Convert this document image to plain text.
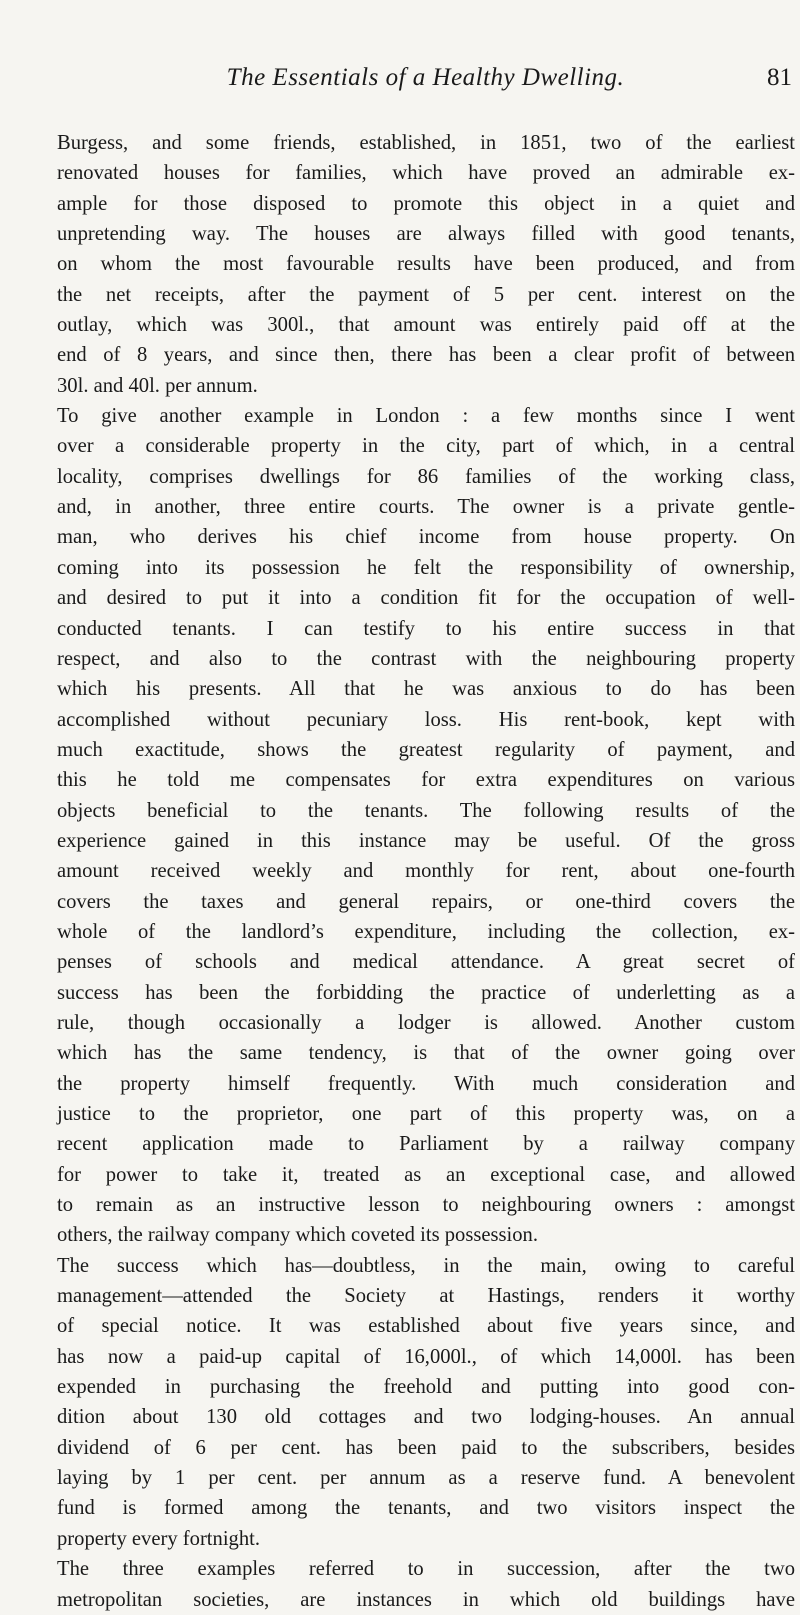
The Essentials of a Healthy Dwelling.	81
Burgess, and some friends, established, in 1851, two of the earliest
renovated houses for families, which have proved an admirable ex-
ample for those disposed to promote this object in a quiet and
unpretending way. The houses are always filled with good tenants,
on whom the most favourable results have been produced, and from
the net receipts, after the payment of 5 per cent. interest on the
outlay, which was 300l., that amount was entirely paid off at the
end of 8 years, and since then, there has been a clear profit of between
30l. and 40l. per annum.
To give another example in London : a few months since I went
over a considerable property in the city, part of which, in a central
locality, comprises dwellings for 86 families of the working class,
and, in another, three entire courts. The owner is a private gentle-
man, who derives his chief income from house property. On
coming into its possession he felt the responsibility of ownership,
and desired to put it into a condition fit for the occupation of well-
conducted tenants. I can testify to his entire success in that
respect, and also to the contrast with the neighbouring property
which his presents. All that he was anxious to do has been
accomplished without pecuniary loss. His rent-book, kept with
much exactitude, shows the greatest regularity of payment, and
this he told me compensates for extra expenditures on various
objects beneficial to the tenants. The following results of the
experience gained in this instance may be useful. Of the gross
amount received weekly and monthly for rent, about one-fourth
covers the taxes and general repairs, or one-third covers the
whole of the landlord’s expenditure, including the collection, ex-
penses of schools and medical attendance. A great secret of
success has been the forbidding the practice of underletting as a
rule, though occasionally a lodger is allowed. Another custom
which has the same tendency, is that of the owner going over
the property himself frequently. With much consideration and
justice to the proprietor, one part of this property was, on a
recent application made to Parliament by a railway company
for power to take it, treated as an exceptional case, and allowed
to remain as an instructive lesson to neighbouring owners : amongst
others, the railway company which coveted its possession.
The success which has—doubtless, in the main, owing to careful
management—attended the Society at Hastings, renders it worthy
of special notice. It was established about five years since, and
has now a paid-up capital of 16,000l., of which 14,000l. has been
expended in purchasing the freehold and putting into good con-
dition about 130 old cottages and two lodging-houses. An annual
dividend of 6 per cent. has been paid to the subscribers, besides
laying by 1 per cent. per annum as a reserve fund. A benevolent
fund is formed among the tenants, and two visitors inspect the
property every fortnight.
The three examples referred to in succession, after the two
metropolitan societies, are instances in which old buildings have
